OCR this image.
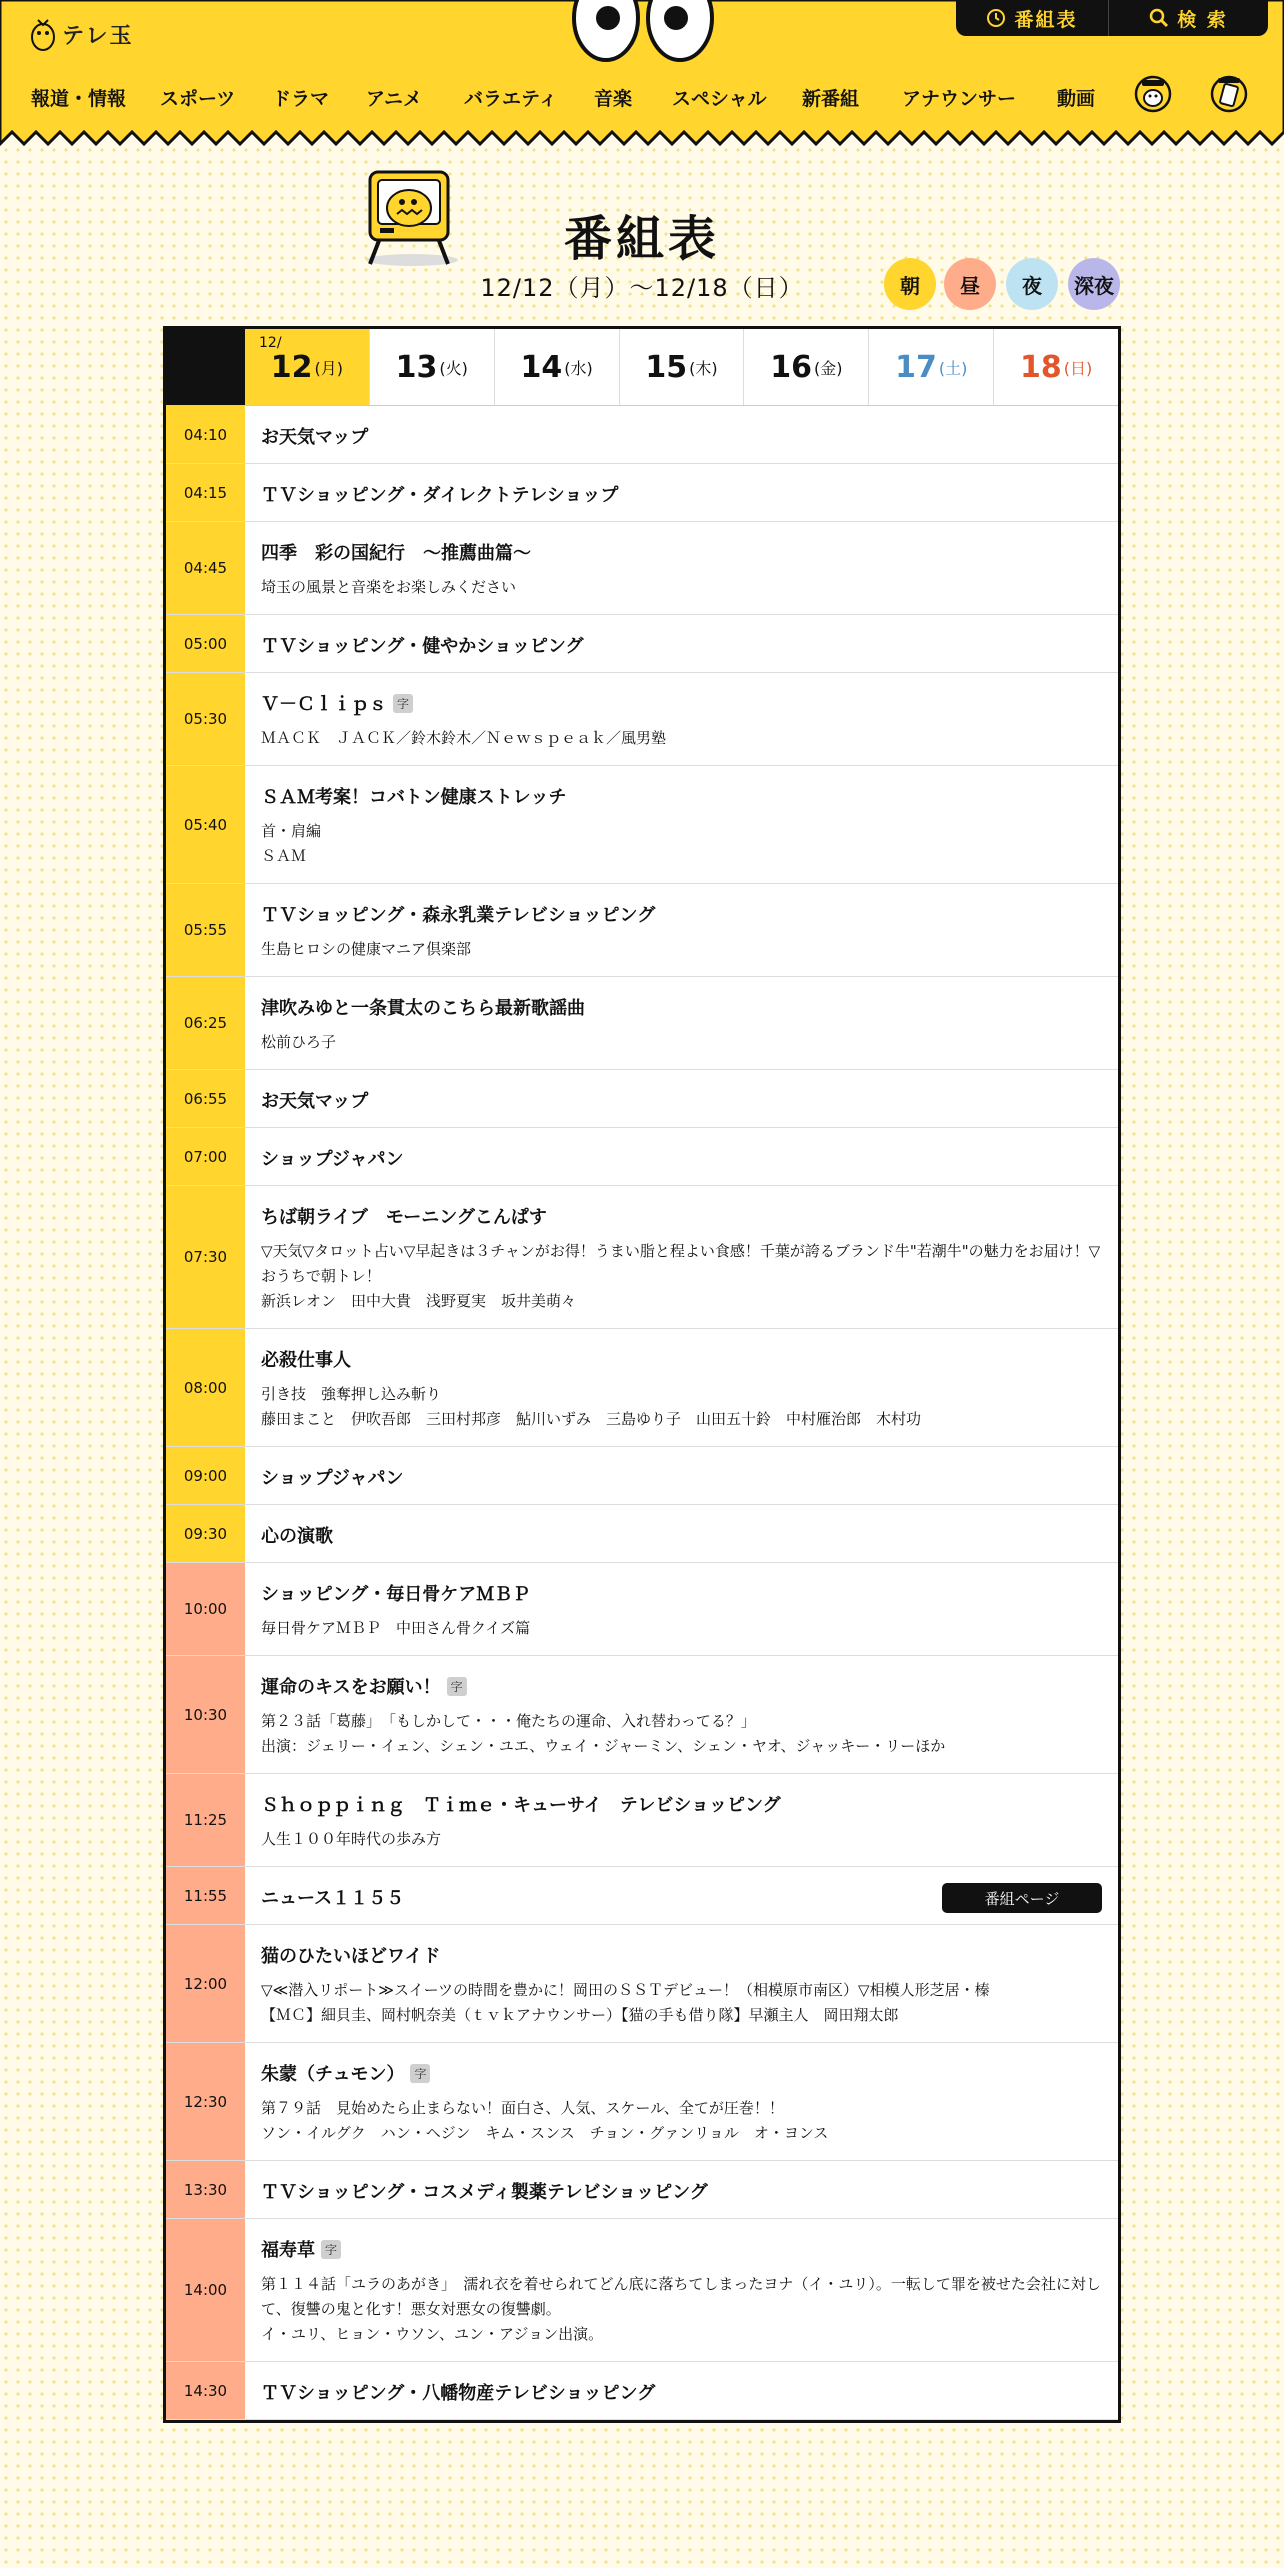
テレ玉
番組表	検 索
報道・情報 スポーツ ドラマ アニメ バラエティ 音楽 スペシャル 新番組 アナウンサー 動画
番組表
12/12（月）〜12/18（日）	朝	昼	夜	深夜
12/
12 (月) 13 (火) 14 (水) 15 (木) 16 (金) 17 (土) 18 (日)
04:10	お天気マップ
04:15	ＴＶショッピング・ダイレクトテレショップ
04:45
四季　彩の国紀行　～推薦曲篇～
埼玉の風景と音楽をお楽しみください
05:00	ＴＶショッピング・健やかショッピング
05:30
Ｖ－Ｃｌｉｐｓ 字
ＭＡＣＫ　ＪＡＣＫ／鈴木鈴木／Ｎｅｗｓｐｅａｋ／風男塾
05:40
ＳＡＭ考案！コバトン健康ストレッチ
首・肩編
ＳＡＭ
05:55
ＴＶショッピング・森永乳業テレビショッピング
生島ヒロシの健康マニア倶楽部
06:25
津吹みゆと一条貫太のこちら最新歌謡曲
松前ひろ子
06:55	お天気マップ
07:00	ショップジャパン
07:30
ちば朝ライブ　モーニングこんぱす
▽天気▽タロット占い▽早起きは３チャンがお得！うまい脂と程よい食感！千葉が誇るブランド牛"若潮牛"の魅力をお届け！▽おうちで朝トレ！
新浜レオン　田中大貴　浅野夏実　坂井美萌々
08:00
必殺仕事人
引き技　強奪押し込み斬り
藤田まこと　伊吹吾郎　三田村邦彦　鮎川いずみ　三島ゆり子　山田五十鈴　中村雁治郎　木村功
09:00	ショップジャパン
09:30	心の演歌
10:00
ショッピング・毎日骨ケアＭＢＰ
毎日骨ケアＭＢＰ　中田さん骨クイズ篇
10:30
運命のキスをお願い！ 字
第２３話「葛藤」　「もしかして・・・俺たちの運命、入れ替わってる？」
出演：ジェリー・イェン、シェン・ユエ、ウェイ・ジャーミン、シェン・ヤオ、ジャッキー・リーほか
11:25
Ｓｈｏｐｐｉｎｇ　Ｔｉｍｅ・キューサイ　テレビショッピング
人生１００年時代の歩み方
11:55	ニュース１１５５	番組ページ
12:00
猫のひたいほどワイド
▽≪潜入リポート≫スイーツの時間を豊かに！岡田のＳＳＴデビュー！（相模原市南区）▽相模人形芝居・榛
【ＭＣ】細貝圭、岡村帆奈美（ｔｖｋアナウンサー）【猫の手も借り隊】早瀬主人　岡田翔太郎
12:30
朱蒙（チュモン） 字
第７９話　見始めたら止まらない！面白さ、人気、スケール、全てが圧巻！！
ソン・イルグク　ハン・ヘジン　キム・スンス　チョン・グァンリョル　オ・ヨンス
13:30	ＴＶショッピング・コスメディ製薬テレビショッピング
14:00
福寿草 字
第１１４話「ユラのあがき」　濡れ衣を着せられてどん底に落ちてしまったヨナ（イ・ユリ）。一転して罪を被せた会社に対して、復讐の鬼と化す！悪女対悪女の復讐劇。
イ・ユリ、ヒョン・ウソン、ユン・アジョン出演。
14:30	ＴＶショッピング・八幡物産テレビショッピング
